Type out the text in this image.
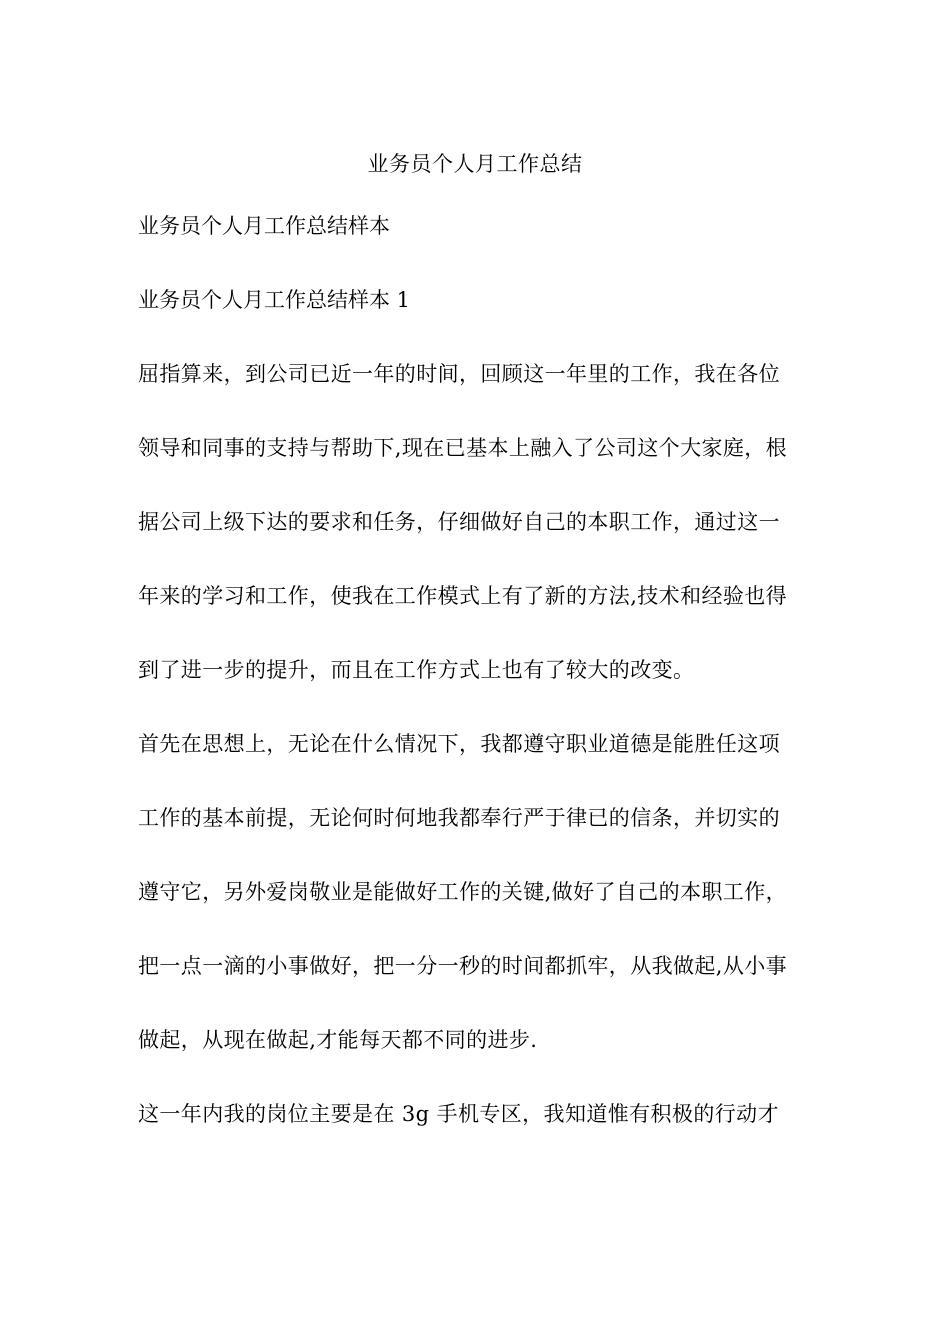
业务员个人月工作总结
业务员个人月工作总结样本
业务员个人月工作总结样本 1
屈指算来，到公司已近一年的时间，回顾这一年里的工作，我在各位
领导和同事的支持与帮助下,现在已基本上融入了公司这个大家庭，根
据公司上级下达的要求和任务，仔细做好自己的本职工作，通过这一
年来的学习和工作，使我在工作模式上有了新的方法,技术和经验也得
到了进一步的提升，而且在工作方式上也有了较大的改变。
首先在思想上，无论在什么情况下，我都遵守职业道德是能胜任这项
工作的基本前提，无论何时何地我都奉行严于律已的信条，并切实的
遵守它，另外爱岗敬业是能做好工作的关键,做好了自己的本职工作，
把一点一滴的小事做好，把一分一秒的时间都抓牢，从我做起,从小事
做起，从现在做起,才能每天都不同的进步.
这一年内我的岗位主要是在 3g 手机专区，我知道惟有积极的行动才
